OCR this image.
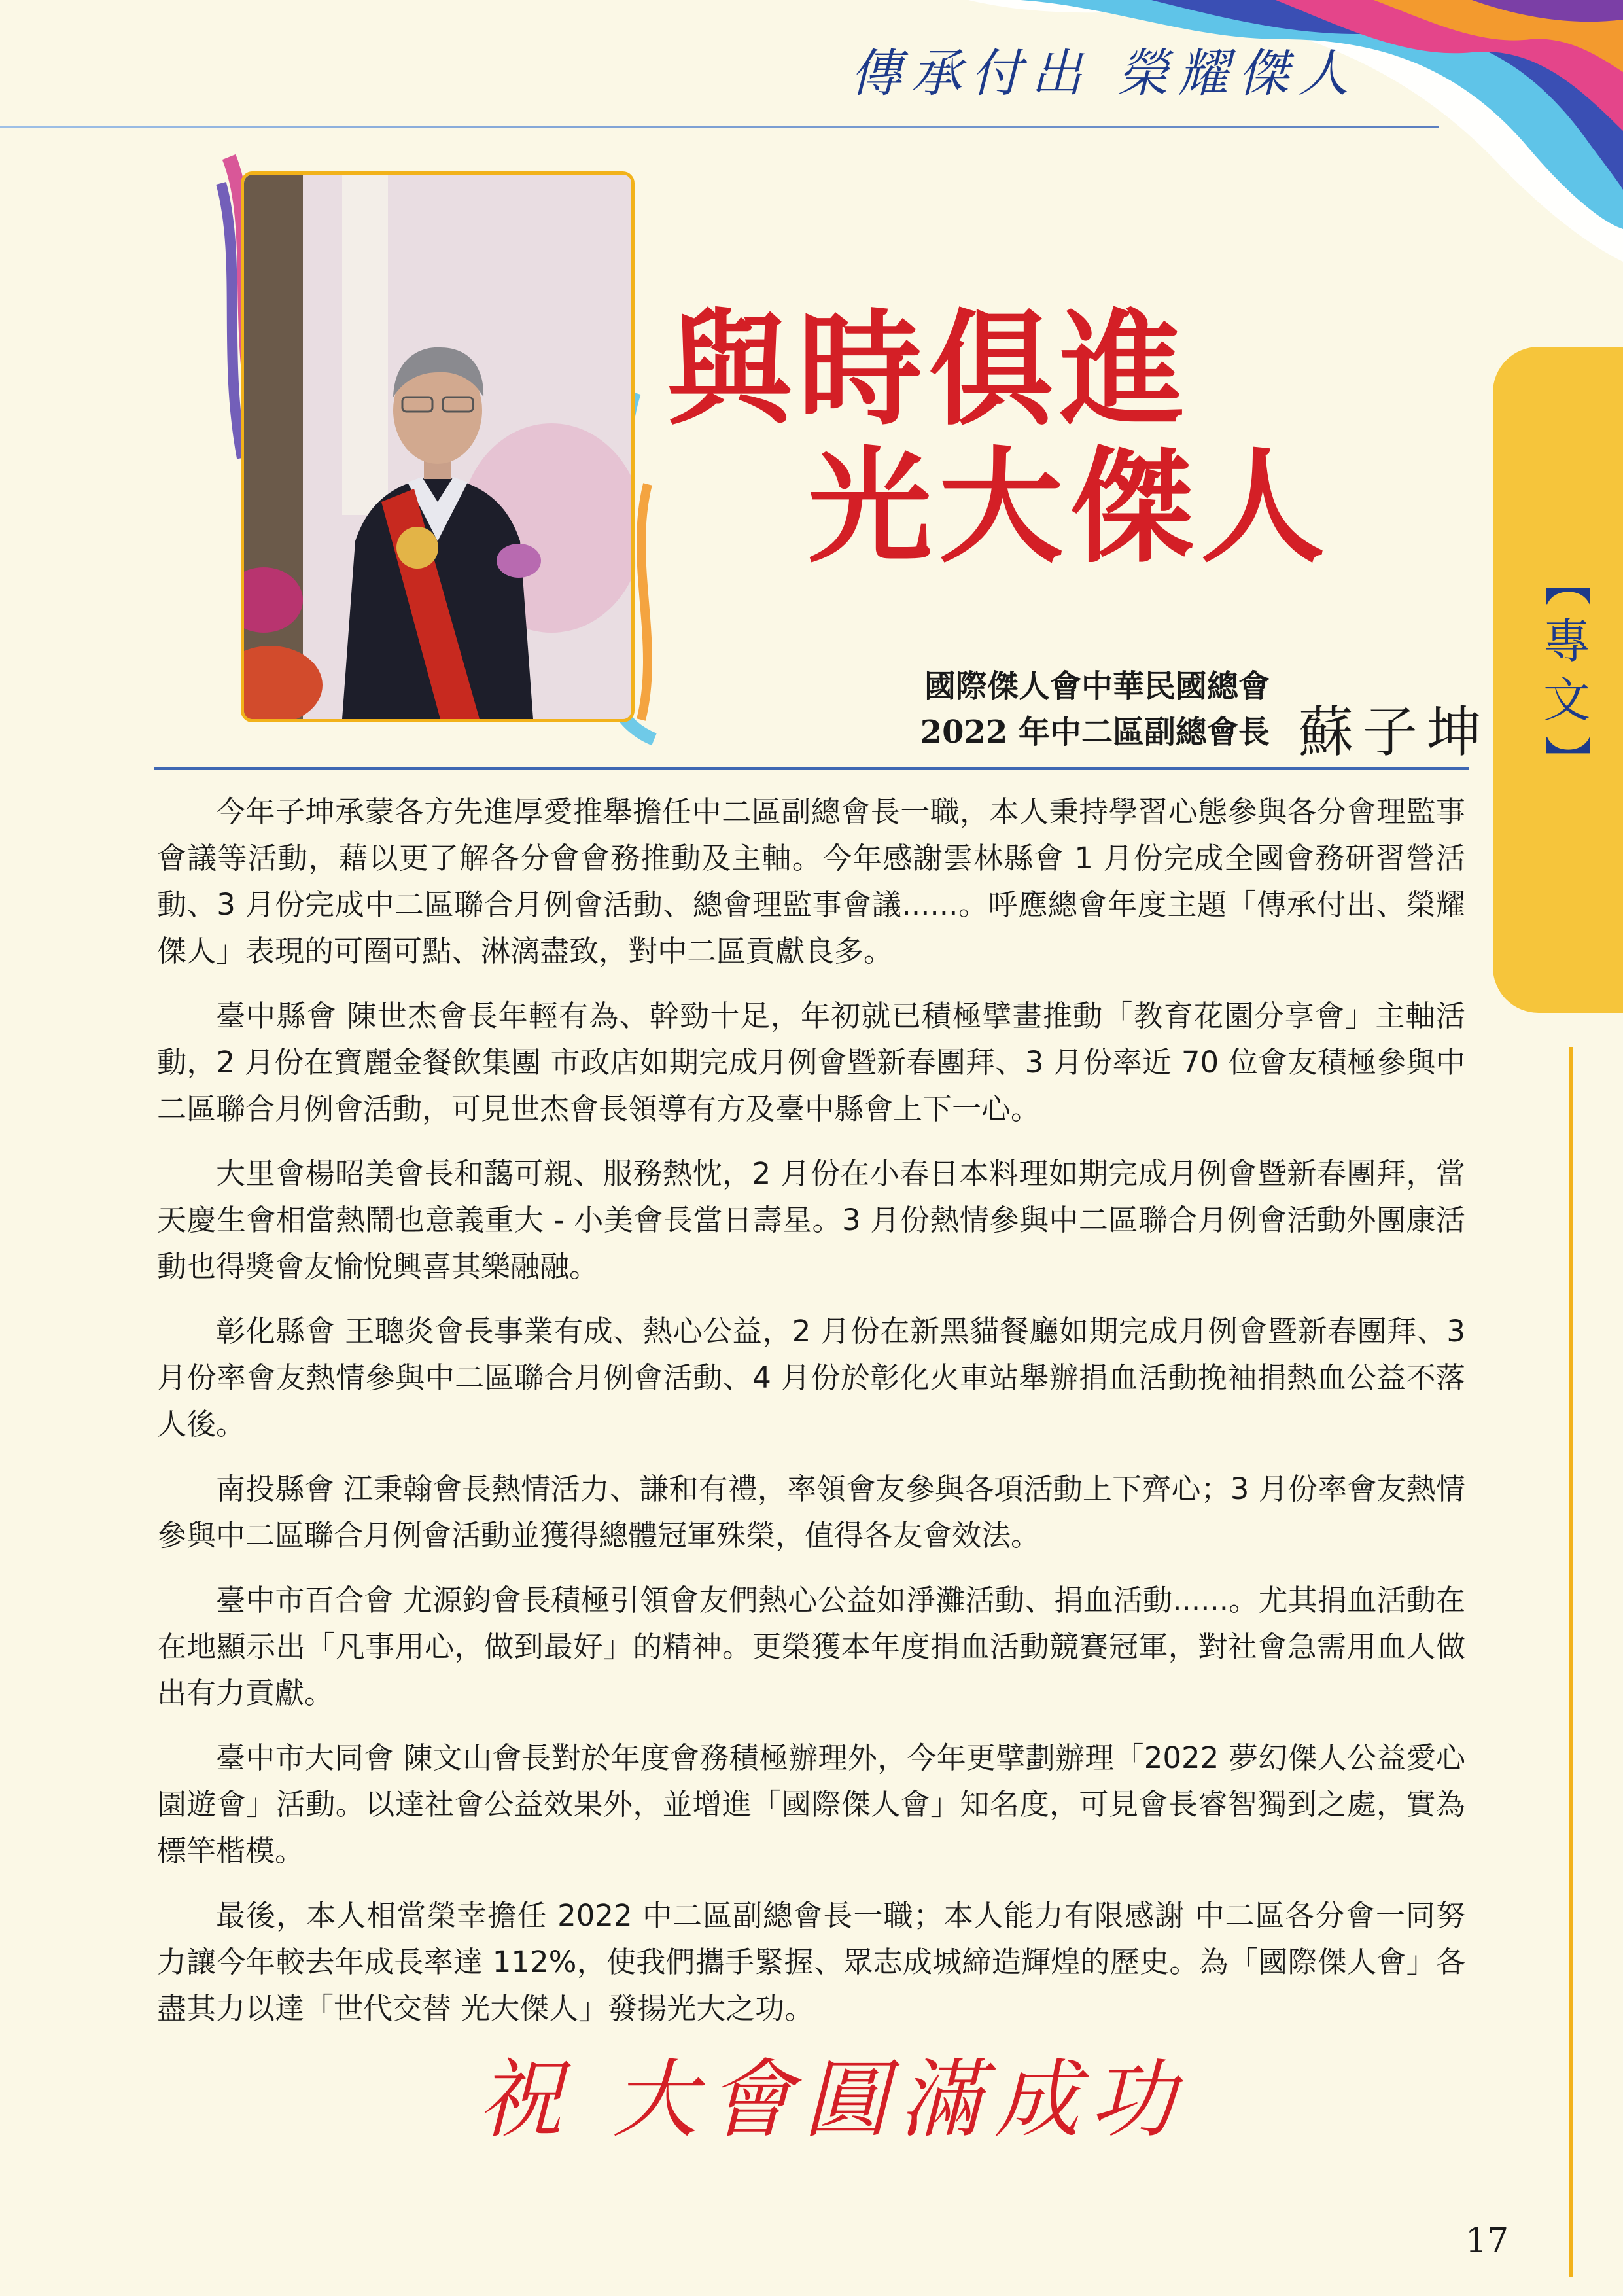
傳承付出 榮耀傑人
與時俱進
光大傑人
國際傑人會中華民國總會
2022 年中二區副總會長 蘇子坤
【
專
文
】

今年子坤承蒙各方先進厚愛推舉擔任中二區副總會長一職，本人秉持學習心態參與各分會理監事會議等活動，藉以更了解各分會會務推動及主軸。今年感謝雲林縣會 1 月份完成全國會務研習營活動、3 月份完成中二區聯合月例會活動、總會理監事會議......。呼應總會年度主題「傳承付出、榮耀傑人」表現的可圈可點、淋漓盡致，對中二區貢獻良多。

臺中縣會 陳世杰會長年輕有為、幹勁十足，年初就已積極擘畫推動「教育花園分享會」主軸活動，2 月份在寶麗金餐飲集團 市政店如期完成月例會暨新春團拜、3 月份率近 70 位會友積極參與中二區聯合月例會活動，可見世杰會長領導有方及臺中縣會上下一心。

大里會楊昭美會長和藹可親、服務熱忱，2 月份在小春日本料理如期完成月例會暨新春團拜，當天慶生會相當熱鬧也意義重大 - 小美會長當日壽星。3 月份熱情參與中二區聯合月例會活動外團康活動也得獎會友愉悅興喜其樂融融。

彰化縣會 王聰炎會長事業有成、熱心公益，2 月份在新黑貓餐廳如期完成月例會暨新春團拜、3 月份率會友熱情參與中二區聯合月例會活動、4 月份於彰化火車站舉辦捐血活動挽袖捐熱血公益不落人後。

南投縣會 江秉翰會長熱情活力、謙和有禮，率領會友參與各項活動上下齊心；3 月份率會友熱情參與中二區聯合月例會活動並獲得總體冠軍殊榮，值得各友會效法。

臺中市百合會 尤源鈞會長積極引領會友們熱心公益如淨灘活動、捐血活動......。尤其捐血活動在在地顯示出「凡事用心，做到最好」的精神。更榮獲本年度捐血活動競賽冠軍，對社會急需用血人做出有力貢獻。

臺中市大同會 陳文山會長對於年度會務積極辦理外，今年更擘劃辦理「2022 夢幻傑人公益愛心園遊會」活動。以達社會公益效果外，並增進「國際傑人會」知名度，可見會長睿智獨到之處，實為標竿楷模。

最後，本人相當榮幸擔任 2022 中二區副總會長一職；本人能力有限感謝 中二區各分會一同努力讓今年較去年成長率達 112%，使我們攜手緊握、眾志成城締造輝煌的歷史。為「國際傑人會」各盡其力以達「世代交替 光大傑人」發揚光大之功。

祝 大會圓滿成功
17
